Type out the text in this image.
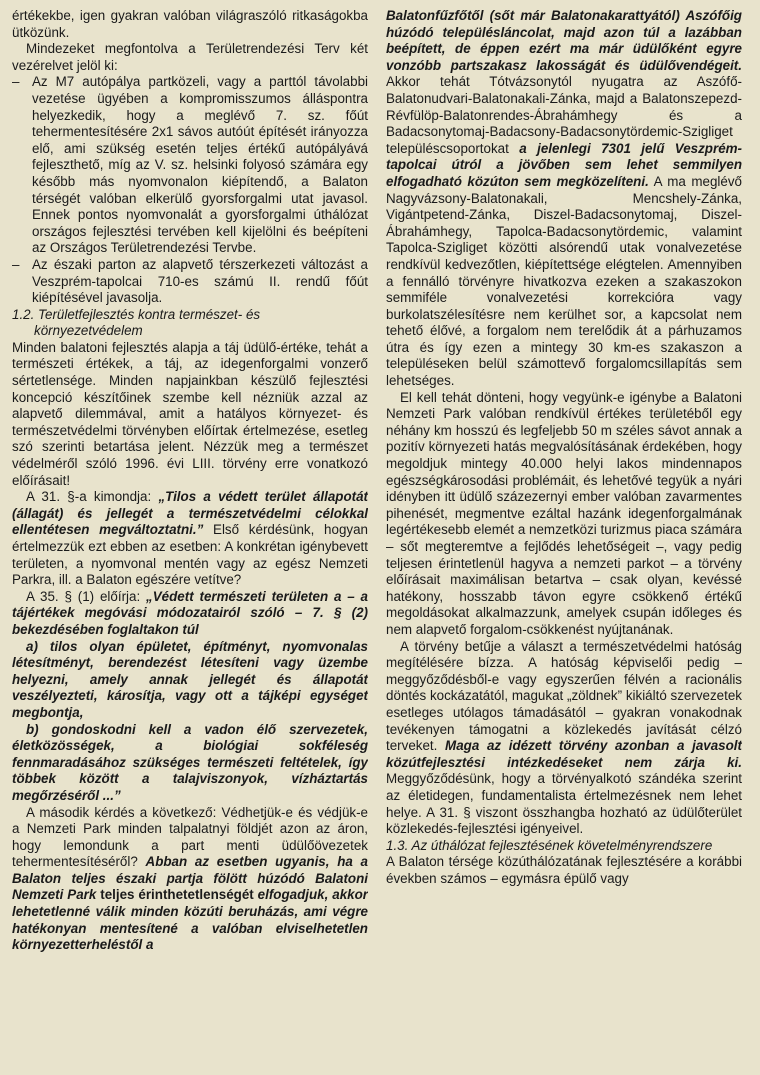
értékekbe, igen gyakran valóban világraszóló ritkaságokba ütközünk.

Mindezeket megfontolva a Területrendezési Terv két vezérelvet jelöl ki:

– Az M7 autópálya partközeli, vagy a parttól távolabbi vezetése ügyében a kompromisszumos álláspontra helyezkedik, hogy a meglévő 7. sz. főút tehermentesítésére 2x1 sávos autóút építését irányozza elő, ami szükség esetén teljes értékű autópályává fejleszthető, míg az V. sz. helsinki folyosó számára egy később más nyomvonalon kiépítendő, a Balaton térségét valóban elkerülő gyorsforgalmi utat javasol. Ennek pontos nyomvonalát a gyorsforgalmi úthálózat országos fejlesztési tervében kell kijelölni és beépíteni az Országos Területrendezési Tervbe.
– Az északi parton az alapvető térszerkezeti változást a Veszprém-tapolcai 710-es számú II. rendű főút kiépítésével javasolja.

1.2. Területfejlesztés kontra természet- és környezetvédelem

Minden balatoni fejlesztés alapja a táj üdülő-értéke, tehát a természeti értékek, a táj, az idegenforgalmi vonzerő sértetlensége. Minden napjainkban készülő fejlesztési koncepció készítőinek szembe kell nézniük azzal az alapvető dilemmával, amit a hatályos környezet- és természetvédelmi törvényben előírtak értelmezése, esetleg szó szerinti betartása jelent. Nézzük meg a természet védelméről szóló 1996. évi LIII. törvény erre vonatkozó előírásait!

A 31. §-a kimondja: „Tilos a védett terület állapotát (állagát) és jellegét a természetvédelmi célokkal ellentétesen megváltoztatni.” Első kérdésünk, hogyan értelmezzük ezt ebben az esetben: A konkrétan igénybevett területen, a nyomvonal mentén vagy az egész Nemzeti Parkra, ill. a Balaton egészére vetítve?

A 35. § (1) előírja: „Védett természeti területen a – a tájértékek megóvási módozatairól szóló – 7. § (2) bekezdésében foglaltakon túl

a) tilos olyan épületet, építményt, nyomvonalas létesítményt, berendezést létesíteni vagy üzembe helyezni, amely annak jellegét és állapotát veszélyezteti, károsítja, vagy ott a tájképi egységet megbontja,

b) gondoskodni kell a vadon élő szervezetek, életközösségek, a biológiai sokféleség fennmaradásához szükséges természeti feltételek, így többek között a talajviszonyok, vízháztartás megőrzéséről ...”

A második kérdés a következő: Védhetjük-e és védjük-e a Nemzeti Park minden talpalatnyi földjét azon az áron, hogy lemondunk a part menti üdülőövezetek tehermentesítéséről? Abban az esetben ugyanis, ha a Balaton teljes északi partja fölött húzódó Balatoni Nemzeti Park teljes érinthetetlenségét elfogadjuk, akkor lehetetlenné válik minden közúti beruházás, ami végre hatékonyan mentesítené a valóban elviselhetetlen környezetterheléstől a

Balatonfűzfőtől (sőt már Balatonakarattyától) Aszófőig húzódó településláncolat, majd azon túl a lazábban beépített, de éppen ezért ma már üdülőként egyre vonzóbb partszakasz lakosságát és üdülővendégeit. Akkor tehát Tótvázsonytól nyugatra az Aszófő-Balatonudvari-Balatonakali-Zánka, majd a Balatonszepezd-Révfülöp-Balatonrendes-Ábrahámhegy és a Badacsonytomaj-Badacsony-Badacsonytördemic-Szigliget településcsoportokat a jelenlegi 7301 jelű Veszprém-tapolcai útról a jövőben sem lehet semmilyen elfogadható közúton sem megközelíteni. A ma meglévő Nagyvázsony-Balatonakali, Mencshely-Zánka, Vigántpetend-Zánka, Diszel-Badacsonytomaj, Diszel-Ábrahámhegy, Tapolca-Badacsonytördemic, valamint Tapolca-Szigliget közötti alsórendű utak vonalvezetése rendkívül kedvezőtlen, kiépítettsége elégtelen. Amennyiben a fennálló törvényre hivatkozva ezeken a szakaszokon semmiféle vonalvezetési korrekcióra vagy burkolatszélesítésre nem kerülhet sor, a kapcsolat nem tehető élővé, a forgalom nem terelődik át a párhuzamos útra és így ezen a mintegy 30 km-es szakaszon a településeken belül számottevő forgalomcsillapítás sem lehetséges.

El kell tehát dönteni, hogy vegyünk-e igénybe a Balatoni Nemzeti Park valóban rendkívül értékes területéből egy néhány km hosszú és legfeljebb 50 m széles sávot annak a pozitív környezeti hatás megvalósításának érdekében, hogy megoldjuk mintegy 40.000 helyi lakos mindennapos egészségkárosodási problémáit, és lehetővé tegyük a nyári idényben itt üdülő százezernyi ember valóban zavarmentes pihenését, megmentve ezáltal hazánk idegenforgalmának legértékesebb elemét a nemzetközi turizmus piaca számára – sőt megteremtve a fejlődés lehetőségeit –, vagy pedig teljesen érintetlenül hagyva a nemzeti parkot – a törvény előírásait maximálisan betartva – csak olyan, kevéssé hatékony, hosszabb távon egyre csökkenő értékű megoldásokat alkalmazzunk, amelyek csupán időleges és nem alapvető forgalom-csökkenést nyújtanának.

A törvény betűje a választ a természetvédelmi hatóság megítélésére bízza. A hatóság képviselői pedig – meggyőződésből-e vagy egyszerűen félvén a racionális döntés kockázatától, magukat „zöldnek” kikiáltó szervezetek esetleges utólagos támadásától – gyakran vonakodnak tevékenyen támogatni a közlekedés javítását célzó terveket. Maga az idézett törvény azonban a javasolt közútfejlesztési intézkedéseket nem zárja ki. Meggyőződésünk, hogy a törvényalkotó szándéka szerint az életidegen, fundamentalista értelmezésnek nem lehet helye. A 31. § viszont összhangba hozható az üdülőterület közlekedés-fejlesztési igényeivel.

1.3. Az úthálózat fejlesztésének követelményrendszere

A Balaton térsége közúthálózatának fejlesztésére a korábbi években számos – egymásra épülő vagy
